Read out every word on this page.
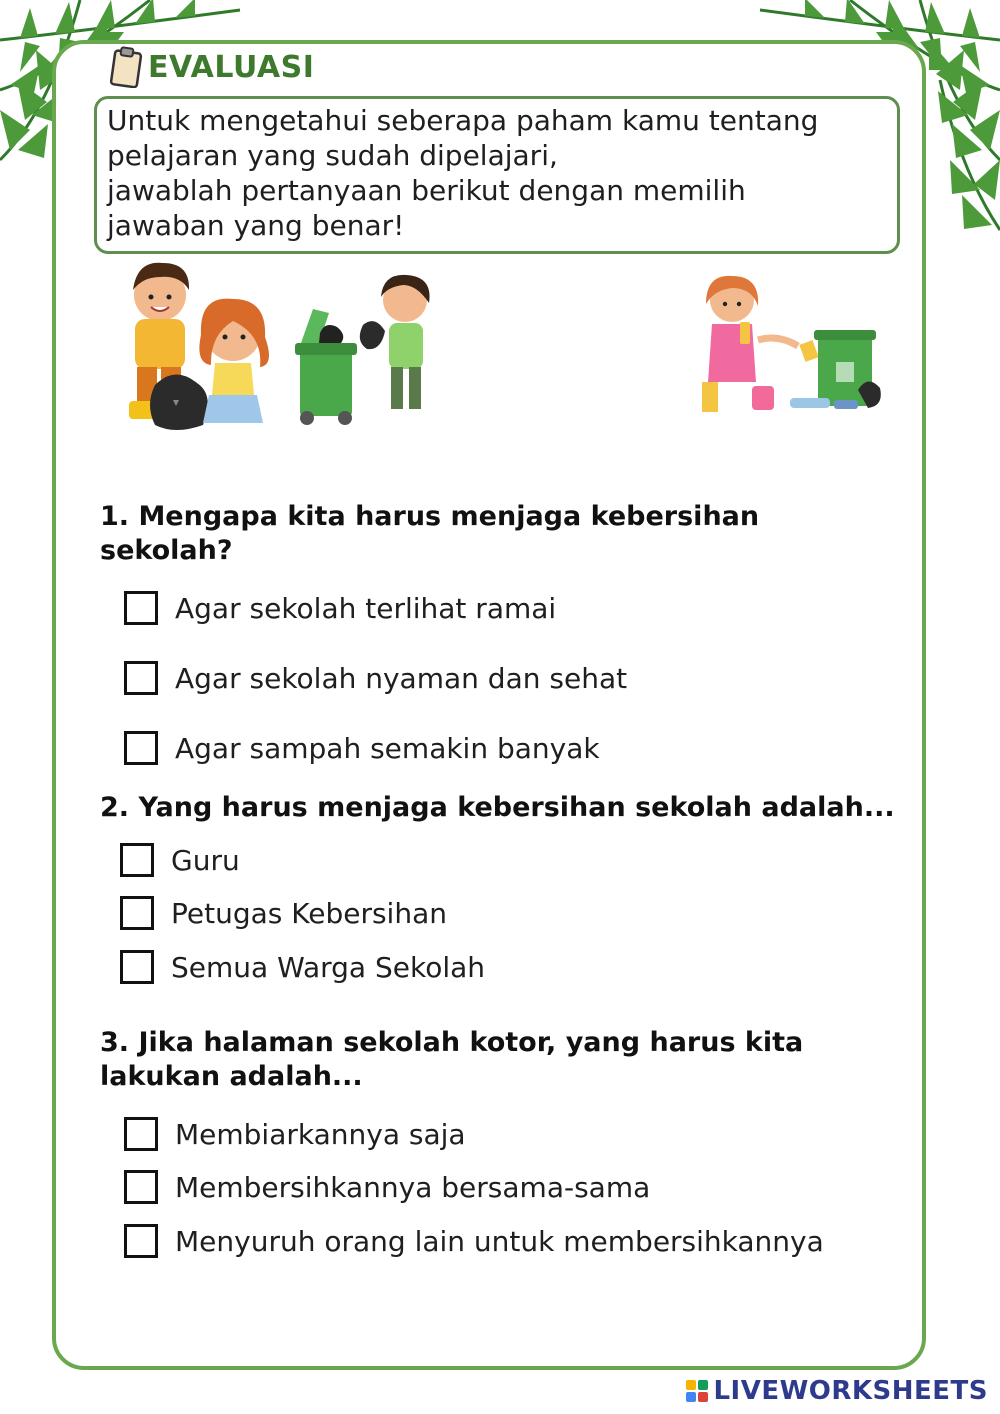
EVALUASI

Untuk mengetahui seberapa paham kamu tentang

pelajaran yang sudah dipelajari,

jawablah pertanyaan berikut dengan memilih

jawaban yang benar!

1. Mengapa kita harus menjaga kebersihan
sekolah?
Agar sekolah terlihat ramai
Agar sekolah nyaman dan sehat
Agar sampah semakin banyak
2. Yang harus menjaga kebersihan sekolah adalah...
Guru
Petugas Kebersihan
Semua Warga Sekolah
3. Jika halaman sekolah kotor, yang harus kita
lakukan adalah...
Membiarkannya saja
Membersihkannya bersama-sama
Menyuruh orang lain untuk membersihkannya
LIVEWORKSHEETS
